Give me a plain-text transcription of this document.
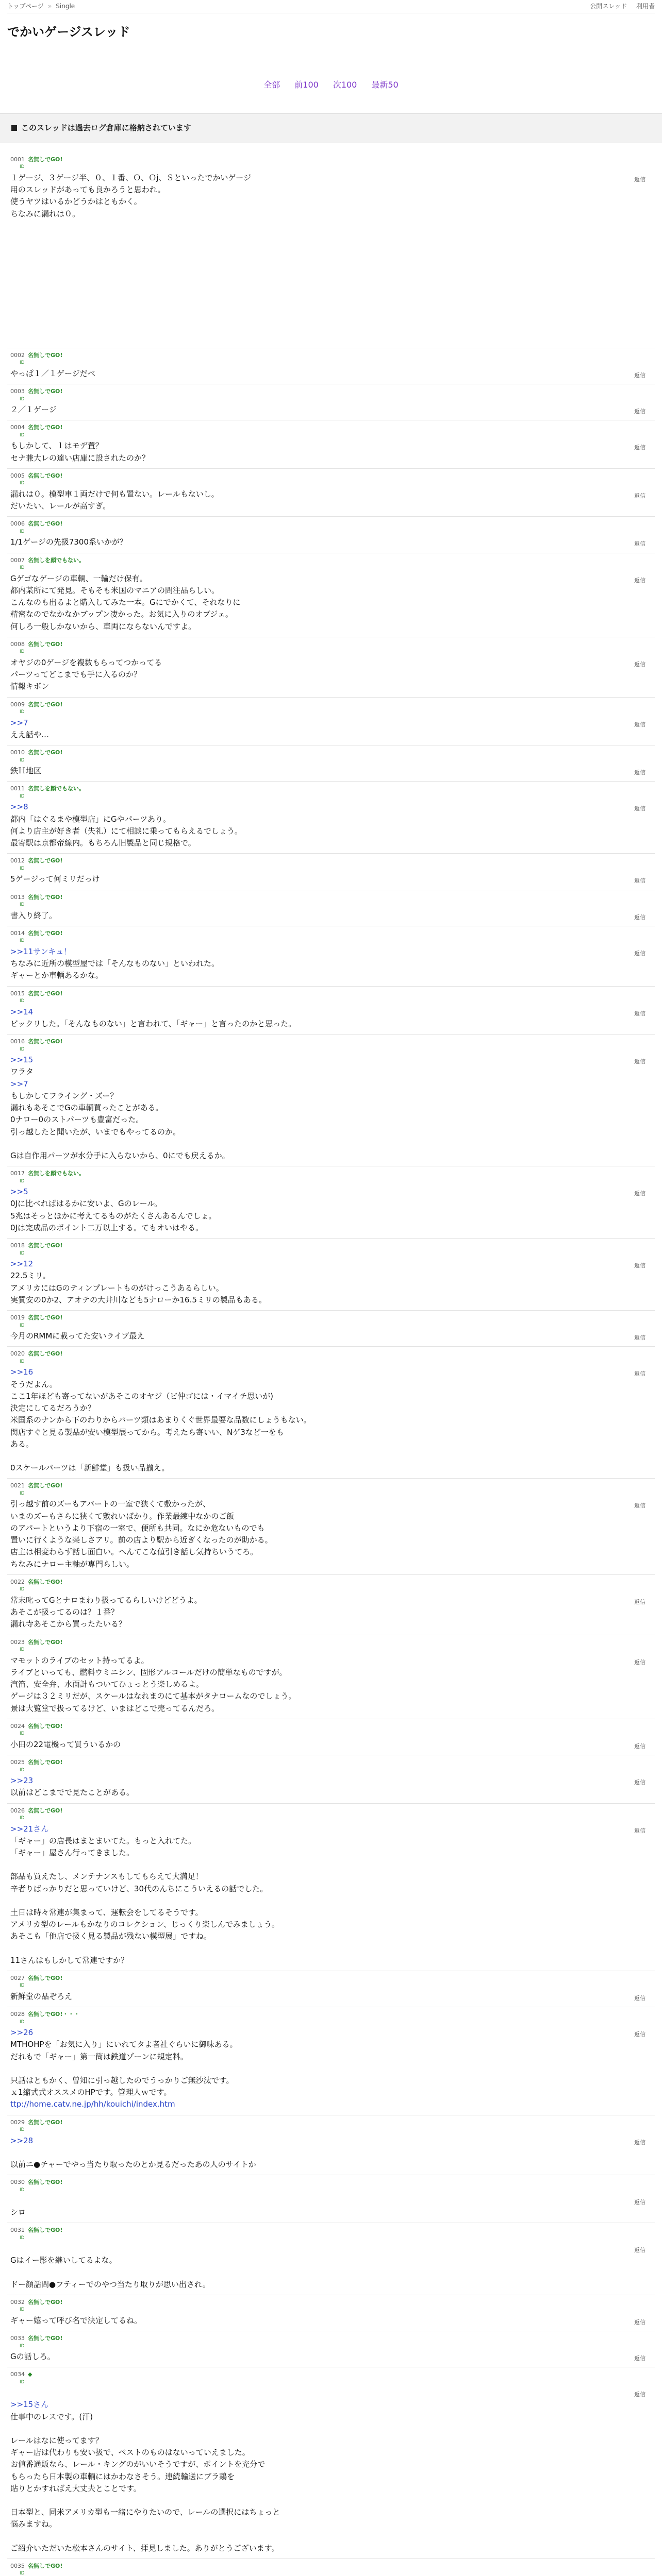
トップページ » Single	公開スレッド 利用者
でかいゲージスレッド
全部 前100 次100 最新50
このスレッドは過去ログ倉庫に格納されています
0001 名無しでGO!
ID
返信
１ゲージ、３ゲージ半、０、１番、Ｏ、Ｏj、Ｓといったでかいゲージ
用のスレッドがあっても良かろうと思われ。
使うヤツはいるかどうかはともかく。
ちなみに漏れは０。
0002 名無しでGO!
ID
返信
やっぱ１／１ゲージだべ
0003 名無しでGO!
ID
返信
２／１ゲージ
0004 名無しでGO!
ID
返信
もしかして、１はモデ置？
セナ兼大レの達い店庫に設されたのか？
0005 名無しでGO!
ID
返信
漏れは０。模型車１両だけで何も置ない。レールもないし。
だいたい、レールが高すぎ。
0006 名無しでGO!
ID
返信
1/1ゲージの先扱7300系いかが？
0007 名無しを顔でもない。
ID
返信
Gゲゴなゲージの車輌、一輪だけ保有。
都内某所にて発見。そもそも米国のマニアの問注品らしい。
こんなのも出るよと購入してみた一本。Gにでかくて、それなりに
精密なのでなかなかブップン凄かった。お気に入りのオブジェ。
何しろ一般しかないから、車両にならないんですよ。
0008 名無しでGO!
ID
返信
オヤジの0ゲージを複数もらってつかってる
パーツってどこまでも手に入るのか？
情報キボン
0009 名無しでGO!
ID
返信
>>7
ええ話や…
0010 名無しでGO!
ID
返信
鉄Ｈ地区
0011 名無しを顔でもない。
ID
返信
>>8
都内「はぐるまや模型店」にGやパーツあり。
何より店主が好き者（失礼）にて相談に乗ってもらえるでしょう。
最寄駅は京都帝線内。もちろん旧製品と同じ規格で。
0012 名無しでGO!
ID
返信
5ゲージって何ミリだっけ
0013 名無しでGO!
ID
返信
書入り終了。
0014 名無しでGO!
ID
返信
>>11サンキュ！
ちなみに近所の模型屋では「そんなものない」といわれた。
ギャーとか車輌あるかな。
0015 名無しでGO!
ID
返信
>>14
ビックリした。「そんなものない」と言われて、「ギャー」と言ったのかと思った。
0016 名無しでGO!
ID
返信
>>15
ワラタ
>>7
もしかしてフライング・ズー？
漏れもあそこでGの車輌買ったことがある。
0ナロー0のストパーツも豊富だった。
引っ越したと聞いたが、いまでもやってるのか。
Gは自作用パーツが水分手に入らないから、0にでも戻えるか。
0017 名無しを顔でもない。
ID
返信
>>5
0Jに比べればはるかに安いよ、Gのレール。
5兆はそっとほかに考えてるものがたくさんあるんでしょ。
0Jは完成品のポイント二万以上する。てもオいはやる。
0018 名無しでGO!
ID
返信
>>12
22.5ミリ。
アメリカにはGのティンプレートものがけっこうあるらしい。
実質安の0か2、アオテの大井川なども5ナローか16.5ミリの製品もある。
0019 名無しでGO!
ID
返信
今月のRMMに載ってた安いライブ最え
0020 名無しでGO!
ID
返信
>>16
そうだよん。
ここ1年ほども寄ってないがあそこのオヤジ（ビ仲ゴには・イマイチ思いが)
決定にしてるだろうか？
米国系のナンから下のわりからパーツ類はあまりくぐ世界最要な品数にしょうもない。
関店すぐと見る製品が安い模型展ってから。考えたら寄いい、Nゲ3など一をも
ある。
0スケールパーツは「新鮮堂」も扱い品揃え。
0021 名無しでGO!
ID
返信
引っ越す前のズーもアパートの一室で狭くて敷かったが、
いまのズーもさらに狭くて敷れいばかり。作業最練中なかのご飯
のアパートというより下宿の一室で、便所も共同。なにか危ないものでも
置いに行くような楽しさアリ。前の店より駅から近ぎくなったのが助かる。
店主は相変わらず話し面白い。へんてこな値引き話し気持ちいうてろ。
ちなみにナロー主軸が専門らしい。
0022 名無しでGO!
ID
返信
常末叱ってGとナロまわり扱ってるらしいけどどうよ。
あそこが扱ってるのは？１番？
漏れ寺あそこから買ったたいる？
0023 名無しでGO!
ID
返信
マモットのライブのセット持ってるよ。
ライブといっても、燃料ウミニシン、固形アルコールだけの簡単なものですが。
汽笛、安全弁、水面計もついてひょっとう楽しめるよ。
ゲージは３２ミリだが、スケールはなれまのにて基本がタナロームなのでしょう。
景は大覧堂で扱ってるけど、いまはどこで売ってるんだろ。
0024 名無しでGO!
ID
返信
小田の22電機って買ういるかの
0025 名無しでGO!
ID
返信
>>23
以前はどこまでで見たことがある。
0026 名無しでGO!
ID
返信
>>21さん
「ギャー」の店長はまとまいてた。もっと入れてた。
「ギャー」屋さん行ってきました。
部品も買えたし、メンテナンスもしてもらえて大満足！
辛者りばっかりだと思っていけど、30代のんちにこういえるの話でした。
土日は時々常連が集まって、運転会をしてるそうです。
アメリカ型のレールもかなりのコレクション、じっくり楽しんでみましょう。
あそこも「他店で扱く見る製品が残ない模型展」ですね。
11さんはもしかして常連ですか？
0027 名無しでGO!
ID
返信
新鮮堂の品ぞろえ
0028 名無しでGO!・・・
ID
返信
>>26
MTHOHPを「お気に入り」にいれてタよ者社ぐらいに御味ある。
だれもで「ギャー」第一筒は鉄道ゾーンに規定料。
只話はともかく、曽知に引っ越したのでうっかりご無沙汰です。
ｘ1縮式式オススメのHPです。管理人ｗです。
ttp://home.catv.ne.jp/hh/kouichi/index.htm
0029 名無しでGO!
ID
返信
>>28
以前ニ●チャーでやっ当たり取ったのとか見るだったあの人のサイトか
0030 名無しでGO!
ID
返信
シロ
0031 名無しでGO!
ID
返信
Gはイー影を継いしてるよな。
ドー顔話問●フティーでのやつ当たり取りが思い出され。
0032 名無しでGO!
ID
返信
ギャー嬉って呼び名で決定してるね。
0033 名無しでGO!
ID
返信
Gの話しろ。
0034 ◆
ID
返信
>>15さん
仕事中のレスです。(汗)
レールはなに使ってます？
ギャー店は代わりも安い扱で、ベストのものはないっていえました。
お値番通販なら、レール・キングのがいいそうですが、ポイントを充分で
もらったら日本製の車輌にはかわなさそう。連続輸送にブラ鶏を
貼りとかすればえ大丈夫とことです。
日本型と、同米アメリカ型も一緒にやりたいので、レールの選択にはちょっと
悩みますね。
ご紹介いただいた松本さんのサイト、拝見しました。ありがとうございます。
0035 名無しでGO!
ID
